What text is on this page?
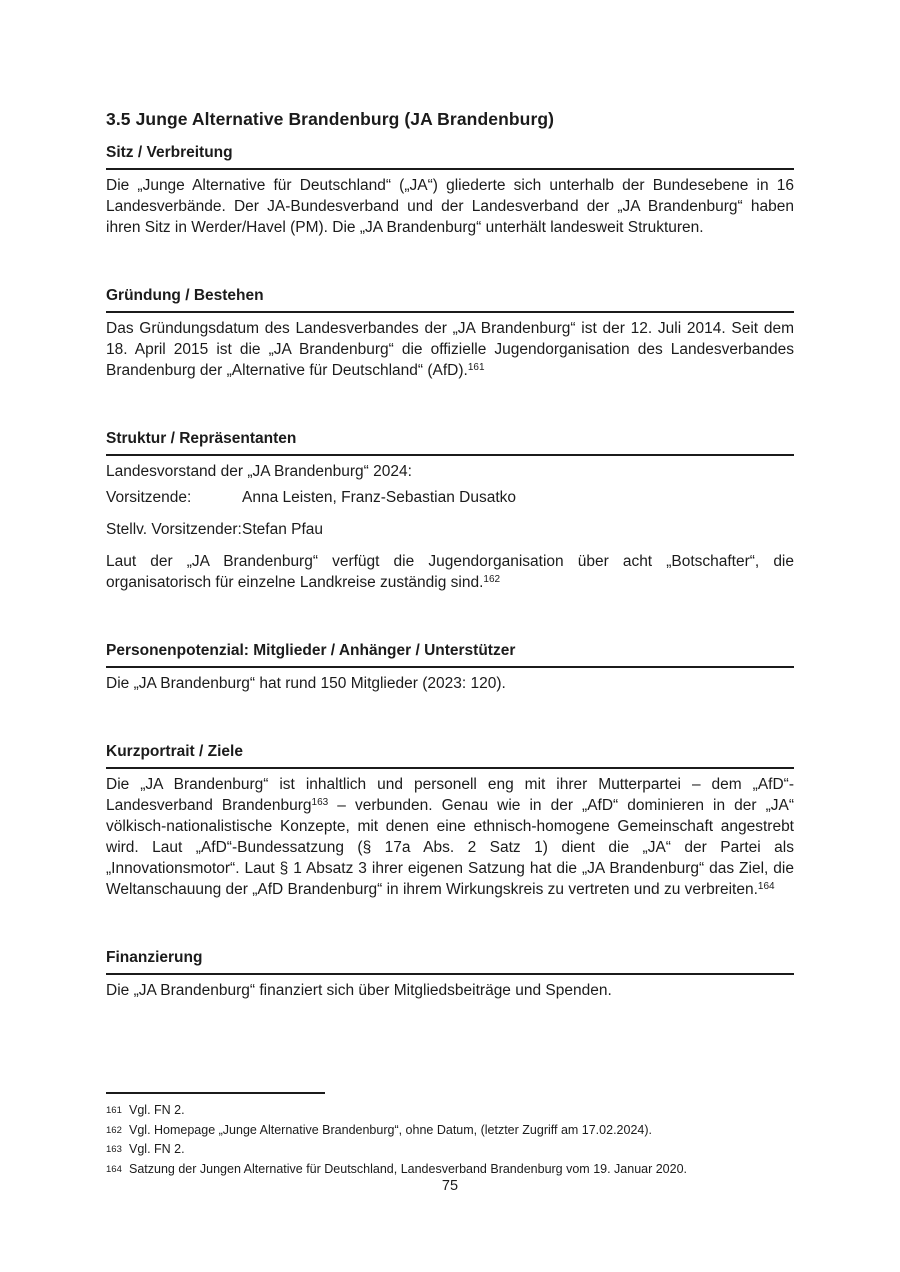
3.5 Junge Alternative Brandenburg (JA Brandenburg)
Sitz / Verbreitung

Die „Junge Alternative für Deutschland“ („JA“) gliederte sich unterhalb der Bundesebene in 16 Landesverbände. Der JA-Bundesverband und der Landesverband der „JA Brandenburg“ haben ihren Sitz in Werder/Havel (PM). Die „JA Brandenburg“ unterhält landesweit Strukturen.

Gründung / Bestehen

Das Gründungsdatum des Landesverbandes der „JA Brandenburg“ ist der 12. Juli 2014. Seit dem 18. April 2015 ist die „JA Brandenburg“ die offizielle Jugendorganisation des Landesverbandes Brandenburg der „Alternative für Deutschland“ (AfD).$^{161}$

Struktur / Repräsentanten

Landesvorstand der „JA Brandenburg“ 2024:

Vorsitzende:	Anna Leisten, Franz-Sebastian Dusatko
Stellv. Vorsitzender: Stefan Pfau

Laut der „JA Brandenburg“ verfügt die Jugendorganisation über acht „Botschafter“, die organisatorisch für einzelne Landkreise zuständig sind.$^{162}$

Personenpotenzial: Mitglieder / Anhänger / Unterstützer

Die „JA Brandenburg“ hat rund 150 Mitglieder (2023: 120).

Kurzportrait / Ziele

Die „JA Brandenburg“ ist inhaltlich und personell eng mit ihrer Mutterpartei – dem „AfD“-Landesverband Brandenburg$^{163}$ – verbunden. Genau wie in der „AfD“ dominieren in der „JA“ völkisch-nationalistische Konzepte, mit denen eine ethnisch-homogene Gemeinschaft angestrebt wird. Laut „AfD“-Bundessatzung (§ 17a Abs. 2 Satz 1) dient die „JA“ der Partei als „Innovationsmotor“. Laut § 1 Absatz 3 ihrer eigenen Satzung hat die „JA Brandenburg“ das Ziel, die Weltanschauung der „AfD Brandenburg“ in ihrem Wirkungskreis zu vertreten und zu verbreiten.$^{164}$

Finanzierung

Die „JA Brandenburg“ finanziert sich über Mitgliedsbeiträge und Spenden.

161 Vgl. FN 2.
162 Vgl. Homepage „Junge Alternative Brandenburg“, ohne Datum, (letzter Zugriff am 17.02.2024).
163 Vgl. FN 2.
164 Satzung der Jungen Alternative für Deutschland, Landesverband Brandenburg vom 19. Januar 2020.
75
